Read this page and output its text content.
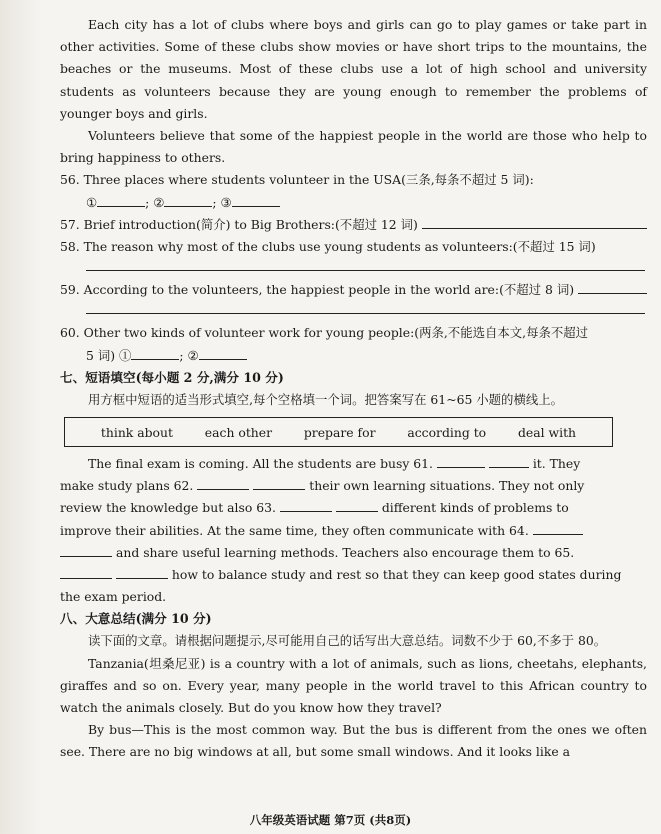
Each city has a lot of clubs where boys and girls can go to play games or take part in other activities. Some of these clubs show movies or have short trips to the mountains, the beaches or the museums. Most of these clubs use a lot of high school and university students as volunteers because they are young enough to remember the problems of younger boys and girls.

Volunteers believe that some of the happiest people in the world are those who help to bring happiness to others.

56. Three places where students volunteer in the USA(三条,每条不超过 5 词):

①	; ②	; ③

57. Brief introduction(简介) to Big Brothers:(不超过 12 词)

58. The reason why most of the clubs use young students as volunteers:(不超过 15 词)

59. According to the volunteers, the happiest people in the world are:(不超过 8 词)

60. Other two kinds of volunteer work for young people:(两条,不能选自本文,每条不超过

5 词) ①	; ②

七、短语填空(每小题 2 分,满分 10 分)

用方框中短语的适当形式填空,每个空格填一个词。把答案写在 61~65 小题的横线上。

think about	each other	prepare for	according to	deal with

The final exam is coming. All the students are busy 61.	it. They

make study plans 62.	their own learning situations. They not only

review the knowledge but also 63.	different kinds of problems to

improve their abilities. At the same time, they often communicate with 64.

and share useful learning methods. Teachers also encourage them to 65.

how to balance study and rest so that they can keep good states during

the exam period.

八、大意总结(满分 10 分)

读下面的文章。请根据问题提示,尽可能用自己的话写出大意总结。词数不少于 60,不多于 80。

Tanzania(坦桑尼亚) is a country with a lot of animals, such as lions, cheetahs, elephants, giraffes and so on. Every year, many people in the world travel to this African country to watch the animals closely. But do you know how they travel?

By bus—This is the most common way. But the bus is different from the ones we often see. There are no big windows at all, but some small windows. And it looks like a

八年级英语试题 第7页 (共8页)
